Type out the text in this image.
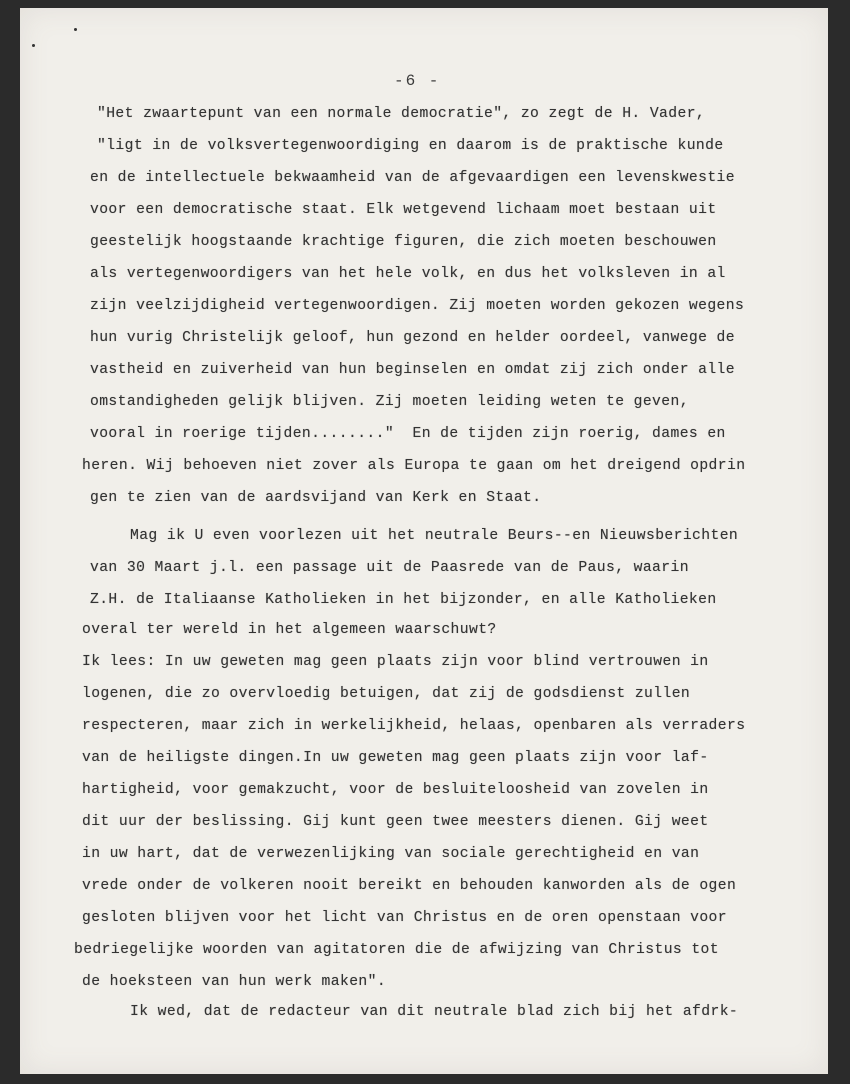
-6 -
"Het zwaartepunt van een normale democratie", zo zegt de H. Vader,
"ligt in de volksvertegenwoordiging en daarom is de praktische kunde
en de intellectuele bekwaamheid van de afgevaardigen een levenskwestie
voor een democratische staat. Elk wetgevend lichaam moet bestaan uit
geestelijk hoogstaande krachtige figuren, die zich moeten beschouwen
als vertegenwoordigers van het hele volk, en dus het volksleven in al
zijn veelzijdigheid vertegenwoordigen. Zij moeten worden gekozen wegens
hun vurig Christelijk geloof, hun gezond en helder oordeel, vanwege de
vastheid en zuiverheid van hun beginselen en omdat zij zich onder alle
omstandigheden gelijk blijven. Zij moeten leiding weten te geven,
vooral in roerige tijden........"  En de tijden zijn roerig, dames en
heren. Wij behoeven niet zover als Europa te gaan om het dreigend opdrin
gen te zien van de aardsvijand van Kerk en Staat.
Mag ik U even voorlezen uit het neutrale Beurs--en Nieuwsberichten
van 30 Maart j.l. een passage uit de Paasrede van de Paus, waarin
Z.H. de Italiaanse Katholieken in het bijzonder, en alle Katholieken
overal ter wereld in het algemeen waarschuwt?
Ik lees: In uw geweten mag geen plaats zijn voor blind vertrouwen in
logenen, die zo overvloedig betuigen, dat zij de godsdienst zullen
respecteren, maar zich in werkelijkheid, helaas, openbaren als verraders
van de heiligste dingen.In uw geweten mag geen plaats zijn voor laf-
hartigheid, voor gemakzucht, voor de besluiteloosheid van zovelen in
dit uur der beslissing. Gij kunt geen twee meesters dienen. Gij weet
in uw hart, dat de verwezenlijking van sociale gerechtigheid en van
vrede onder de volkeren nooit bereikt en behouden kanworden als de ogen
gesloten blijven voor het licht van Christus en de oren openstaan voor
bedriegelijke woorden van agitatoren die de afwijzing van Christus tot
de hoeksteen van hun werk maken".
Ik wed, dat de redacteur van dit neutrale blad zich bij het afdrk-
